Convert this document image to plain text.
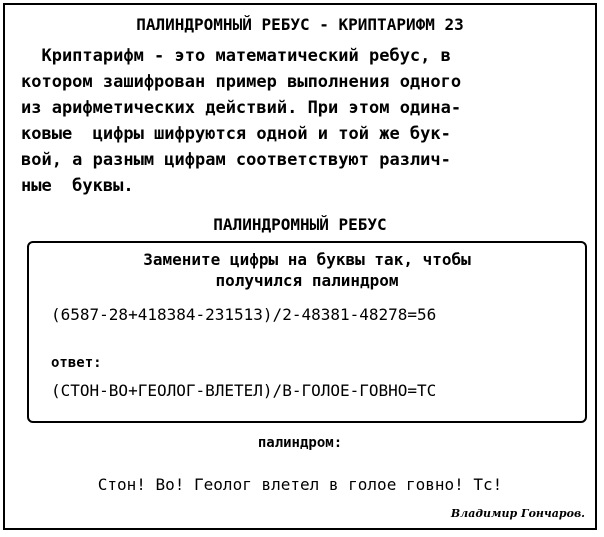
ПАЛИНДРОМНЫЙ РЕБУС - КРИПТАРИФМ 23

Криптарифм - это математический ребус, в

котором зашифрован пример выполнения одного

из арифметических действий. При этом одина-

ковые  цифры шифруются одной и той же бук-

вой, а разным цифрам соответствуют различ-

ные  буквы.

ПАЛИНДРОМНЫЙ РЕБУС
Замените цифры на буквы так, чтобы
получился палиндром
(6587-28+418384-231513)/2-48381-48278=56
ответ:
(СТОН-ВО+ГЕОЛОГ-ВЛЕТЕЛ)/В-ГОЛОЕ-ГОВНО=ТС
палиндром:
Стон! Во! Геолог влетел в голое говно! Тс!
Владимир Гончаров.
